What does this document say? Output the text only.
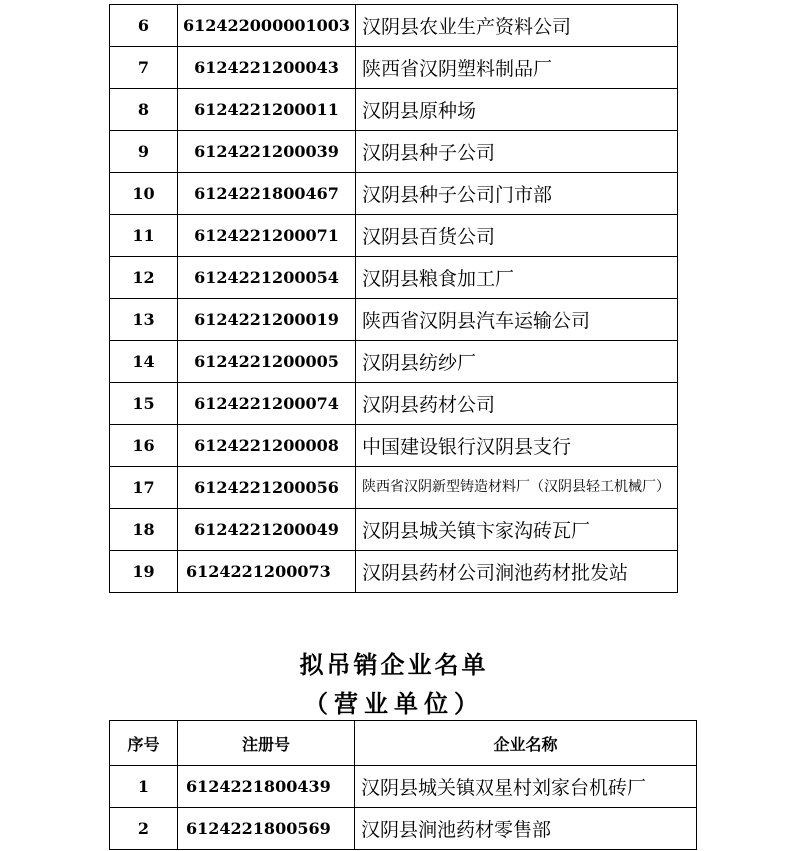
6	612422000001003	汉阴县农业生产资料公司
7	6124221200043	陕西省汉阴塑料制品厂
8	6124221200011	汉阴县原种场
9	6124221200039	汉阴县种子公司
10	6124221800467	汉阴县种子公司门市部
11	6124221200071	汉阴县百货公司
12	6124221200054	汉阴县粮食加工厂
13	6124221200019	陕西省汉阴县汽车运输公司
14	6124221200005	汉阴县纺纱厂
15	6124221200074	汉阴县药材公司
16	6124221200008	中国建设银行汉阴县支行
17	6124221200056	陕西省汉阴新型铸造材料厂（汉阴县轻工机械厂）
18	6124221200049	汉阴县城关镇卞家沟砖瓦厂
19	6124221200073	汉阴县药材公司涧池药材批发站
拟吊销企业名单
（营业单位）
序号	注册号	企业名称
1	6124221800439	汉阴县城关镇双星村刘家台机砖厂
2	6124221800569	汉阴县涧池药材零售部
